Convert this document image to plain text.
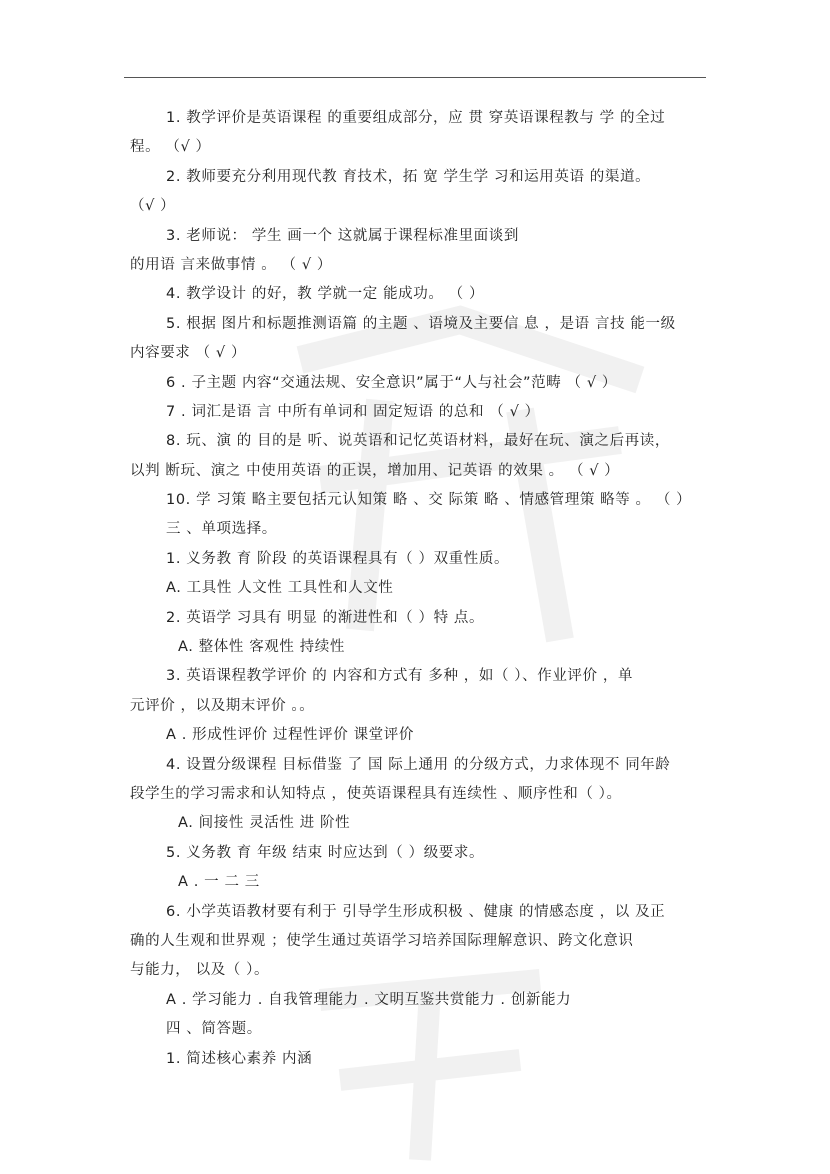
1. 教学评价是英语课程 的重要组成部分，应 贯 穿英语课程教与 学 的全过
程。 （√ ）
2. 教师要充分利用现代教 育技术，拓 宽 学生学 习和运用英语 的渠道。
（√ ）
3. 老师说： 学生 画一个 这就属于课程标准里面谈到
的用语 言来做事情 。 （ √ ）
4. 教学设计 的好，教 学就一定 能成功。 （ ）
5. 根据 图片和标题推测语篇 的主题 、语境及主要信 息 ，是语 言技 能一级
内容要求 （ √ ）
6 . 子主题 内容“交通法规、安全意识”属于“人与社会”范畴 （ √ ）
7 . 词汇是语 言 中所有单词和 固定短语 的总和 （ √ ）
8. 玩、演 的 目的是 听、说英语和记忆英语材料，最好在玩、演之后再读，
以判 断玩、演之 中使用英语 的正误，增加用、记英语 的效果 。 （ √ ）
10. 学 习策 略主要包括元认知策 略 、交 际策 略 、情感管理策 略等 。 （ ）
三 、单项选择。
1. 义务教 育 阶段 的英语课程具有（ ）双重性质。
A. 工具性 人文性 工具性和人文性
2. 英语学 习具有 明显 的渐进性和（ ）特 点。
A. 整体性 客观性 持续性
3. 英语课程教学评价 的 内容和方式有 多种 ，如（ ）、作业评价 ，单
元评价 ，以及期末评价 。。
A . 形成性评价 过程性评价 课堂评价
4. 设置分级课程 目标借鉴 了 国 际上通用 的分级方式，力求体现不 同年龄
段学生的学习需求和认知特点 ，使英语课程具有连续性 、顺序性和（ ）。
A. 间接性 灵活性 进 阶性
5. 义务教 育 年级 结束 时应达到（ ）级要求。
A . 一 二 三
6. 小学英语教材要有利于 引导学生形成积极 、健康 的情感态度 ，以 及正
确的人生观和世界观 ；使学生通过英语学习培养国际理解意识、跨文化意识
与能力， 以及（ ）。
A . 学习能力 . 自我管理能力 . 文明互鉴共赏能力 . 创新能力
四 、简答题。
1. 简述核心素养 内涵
